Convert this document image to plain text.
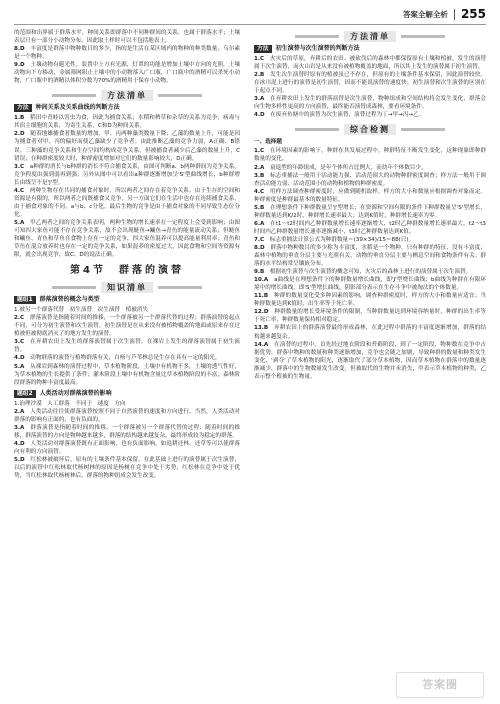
答案全解全析 255

的范围和出界属于群落水平，种间关系即群落中不同种群间的关系，也属于群落水平；土壤表层只有一部分小动物分布，因此取土样时可以不包括地表土。

8.D　丰富度是群落中物种数目的多少，指的是生活在某区域内的物种的种类数量，乌尔素是一个物种。

9.D　土壤动物有避光性。装置中上方有光源，灯罩的功能是增加土壤中方向的光照，土壤动物向下方移动，金属筛网阻止土壤中的小动物落入广口瓶，广口瓶中的酒精可以杀死小动物，广口瓶中的酒精以体积分数为70%的酒精用于保存小动物。

方法清单
方法	种间关系及关系曲线的判断方法

1.B　稻田中青蛙以害虫为食，因此为捕食关系；水稻和稗草和杂草的关系为竞争；病毒与其宿主细胞的关系，为寄生关系，C和D为种间关系。

2.D　随着地雄捕食者数量的增加，甲、丙两种藻类数量下降；乙藻的数量上升，可能是因为捕食者对甲、丙的偏好而使乙藻缺少了竞争者；由此推断乙藻的竞争力弱，A正确、B错误。三种藻的竞争关系和生存空间均构成竞争关系，但被捕食者减少后乙藻的数量上升，C错误；在种群密度较大时，种群密度增加对它们的数量影响较大，D正确。

3.C　a种群的消长与b种群的消长不符合捕食关系，由图可判断a、b两种群间为竞争关系。竞争程度由强到弱再到强；另外从图中可以看出a种群逐渐增加呈'S'型曲线增长，b种群增长由线呈不是'J'型。

4.C　两种生物存在共同的捕食对象时，所以两者之间存在着竞争关系。由于生存的空间和资源是有限的，所以两者之间既捕食又竞争，另一方面它们在生活中也存在连续捕食关系，由于捕食对象的不同，a与b、c分化。最后生物的竞争是由于捕食对象的不同导致生态位分化。

5.A　甲乙两者之间的竞争关系表明，两种生物的增长速率在一定程度上会受到影响；由图可知四大家鱼可能不存在竞争关系，故不会出现鲢鱼→鳙鱼→青鱼的能量流动关系；但鲢鱼和鳙鱼、青鱼和草鱼在食物上存在一定的竞争，四大家鱼混养可以提高能量利用率；青鱼和草鱼在混合放养时也存在一定的竞争关系，如果混养的密度过大，因此食物和空间等资源有限，就会出现竞争，故C、D的说法正确。

第4节　群落的演替
知识清单
题组1	群落演替的概念与类型

1.被另一个群落代替　初生演替　次生演替　植被消失

2.C　群落演替是指随着时间的推移，一个群落被另一个群落代替的过程；群落演替的起点不同，可分为初生演替和次生演替。初生演替是在从来没有被植物覆盖的地面或原来存在过植被但被彻底消灭了的地方发生的演替。

3.C　在弃耕农田上发生的群落演替属于次生演替，在裸岩上发生的群落演替属于初生演替。

4.D　动物群落的演替与植物群落有关，白杨与芦苇林总是生存在具有一定的阳光。

5.A　从裸岩到森林的演替过程中，草本植物阶段，土壤中有机物不多，土壤的透气性好，为草本植物的生长提供了条件；灌木阶段土壤中有机物含量比草本植物阶段的丰富，森林阶段群落的物种丰富度最高。

题组2	人类活动对群落演替的影响

1.治理沙漠　人工群落　不同于　速度　方向

2.A　人类活动往往使群落演替按照不同于自然演替的速度和方向进行，当然，人类活动对群落的影响有正面的，也有负面的。

3.A　群落演替是指随着时间的推移，一个群落被另一个群落代替的过程；随着时间的推移，群落演替的方向是物种越来越多，群落的结构越来越复杂，最终形成较为稳定的群落。

4.D　人类活动对群落演替既有正面影响，也有负面影响，如退耕还林、还草等可以使群落向有利的方向演替。

5.D　红松林被破坏后，原有的土壤条件基本保留，在此基础上进行的演替属于次生演替，以后的演替中红松林取代杨树林的原因是杨树在竞争中处于劣势，红松林在竞争中处于优势，当红松林取代杨树林后，群落的物种组成会发生改变。

方法清单
方法	初生演替与次生演替的判断方法

1.C　火灾后的草原，弃耕后的农田、被砍伐后的森林中都保留原有土壤和植被，发生的演替属于次生演替，而火山岩是从来没有被植物覆盖的地面，所以其上发生的演替属于初生演替。

2.B　发生次生演替时原有的植被虽已不存在，但原有的土壤条件基本保留，因此演替较快。在冰川泥上进行的演替是初生演替，因而不能说演替的速度快。初生演替和次生演替的区别在于起点不同。

3.A　在弃耕农田上发生的群落演替是次生演替，物种组成和空间结构将会发生变化，群落会向生物多样性更高的方向演替，最终能否演替成森林，要看环境条件。

4.D　在废弃鱼塘中的演替为次生演替，演替过程为丁→甲→丙→乙。

综合检测
一、选择题

1.C　在环境因素的影响下，种群在其发展过程中，种群特征不断发生变化，这种现象即种群数量的变化。

2.A　衰退型的年龄组成，是年个体所占比例大，而幼年个体数目少。

3.B　标志重捕法一般用于活动能力强、活动范围大的动物种群密度调查；样方法一般用于调查活动能力弱、活动范围小的动物和植物的种群密度。

4.C　用样方法调查种群密度时，应做到随机取样，样方的大小和数量应根据调查对象而定。种群密度是种群最基本的数量特征。

5.B　在理想条件下种群数量呈'J'型增长；在资源和空间有限的条件下种群数量呈'S'型增长，种群数量达到K/2时，种群增长速率最大；达到K值时，种群增长速率为零。

6.A　在t1～t2时间内乙种群数量增长速率逐渐增大，t2时乙种群数量增长速率最大，t2～t3时间内乙种群数量增长速率逐渐减小，t3时乙种群数量达到K值。

7.C　标志重捕法计算公式为种群数量＝(39×34)/15＝88(只)。

8.D　群落中物种数目的多少称为丰富度，水稻是一个物种，只有种群的特征，没有丰富度；森林中植物的垂直分层主要与光照有关，动物的垂直分层主要与栖息空间和食物条件有关；群落的水平结构常呈镶嵌分布。

9.B　根据初生演替与次生演替的概念可知，火灾后的森林上进行的演替属于次生演替。

10.A　a曲线是在理想条件下的种群数量增长曲线，即'J'型增长曲线；b曲线为种群在有限环境中的增长曲线，即'S'型增长曲线，阴影部分表示在生存斗争中被淘汰的个体数量。

11.B　种群的数量变化受多种因素的影响，调查种群密度时，样方的大小和数量应适宜；当种群数量达到K值时，出生率等于死亡率。

12.D　种群数量的增长受环境条件的限制，当种群数量达到环境容纳量时，种群的出生率等于死亡率，种群数量保持相对稳定。

13.B　弃耕农田上的群落演替最终形成森林，在此过程中群落的丰富度逐渐增加，群落的结构越来越复杂。

14.A　在演替的过程中，首先经过地衣阶段和苔藓阶段，到了一定阶段，物种数在竞争中占据优势，群落中物种的数量和种类逐渐增加，竞争也会随之加剧，导致种群的数量和种类发生变化，'剥夺'了草本植物的阳光，逐渐取代了部分草本植物，因而草本植物在群落中的数量逐渐减少，群落中的生物数量发生改变，但被取代的生物并未消失，甲表示草本植物的种类，乙表示整个植被的生物量。

答案圈
